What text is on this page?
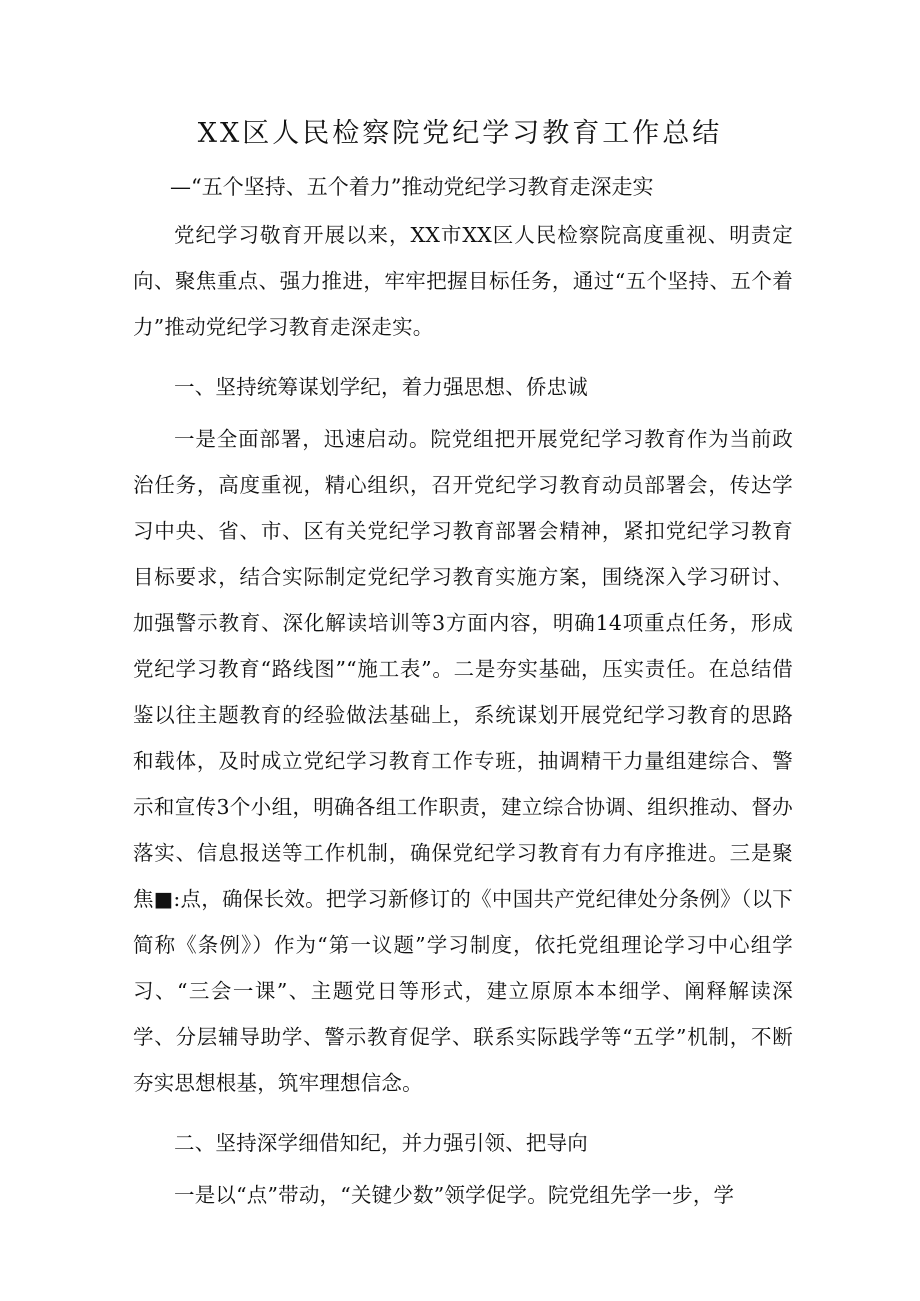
XX区人民检察院党纪学习教育工作总结
—“五个坚持、五个着力”推动党纪学习教育走深走实

党纪学习敬育开展以来，XX市XX区人民检察院高度重视、明责定向、聚焦重点、强力推进，牢牢把握目标任务，通过“五个坚持、五个着力”推动党纪学习教育走深走实。

一、坚持统筹谋划学纪，着力强思想、侨忠诚

一是全面部署，迅速启动。院党组把开展党纪学习教育作为当前政治任务，高度重视，精心组织，召开党纪学习教育动员部署会，传达学习中央、省、市、区有关党纪学习教育部署会精神，紧扣党纪学习教育目标要求，结合实际制定党纪学习教育实施方案，围绕深入学习研讨、加强警示教育、深化解读培训等3方面内容，明确14项重点任务，形成党纪学习教育“路线图”“施工表”。二是夯实基础，压实责任。在总结借鉴以往主题教育的经验做法基础上，系统谋划开展党纪学习教育的思路和载体，及时成立党纪学习教育工作专班，抽调精干力量组建综合、警示和宣传3个小组，明确各组工作职责，建立综合协调、组织推动、督办落实、信息报送等工作机制，确保党纪学习教育有力有序推进。三是聚焦■:点，确保长效。把学习新修订的《中国共产党纪律处分条例》（以下简称《条例》）作为“第一议题”学习制度，依托党组理论学习中心组学习、“三会一课”、主题党日等形式，建立原原本本细学、阐释解读深学、分层辅导助学、警示教育促学、联系实际践学等“五学”机制，不断夯实思想根基，筑牢理想信念。

二、坚持深学细借知纪，并力强引领、把导向

一是以“点”带动，“关键少数”领学促学。院党组先学一步，学
